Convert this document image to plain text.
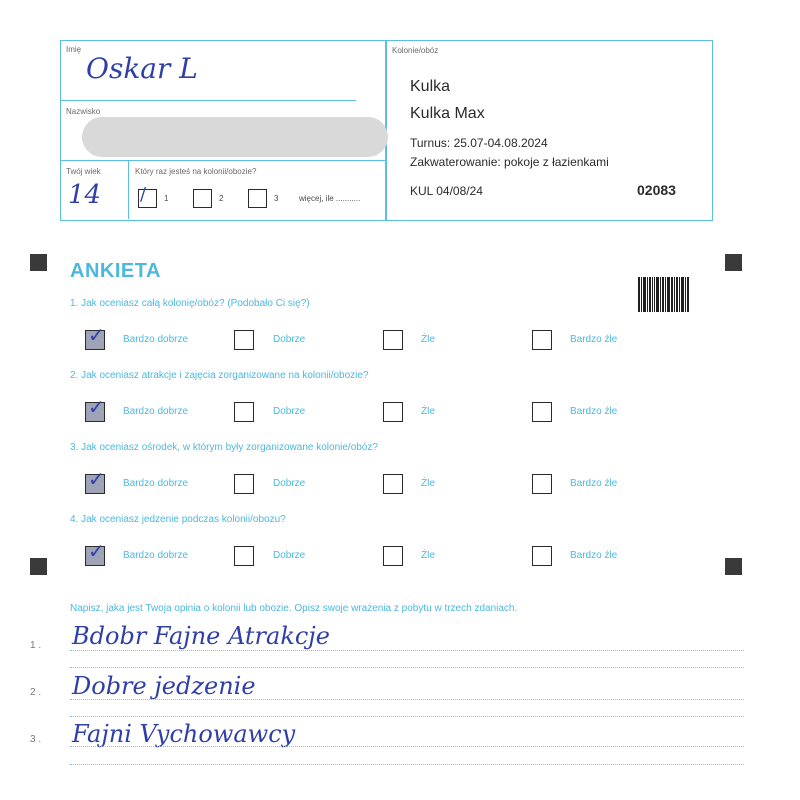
Imię
Oskar L
Nazwisko
Twój wiek
14
Który raz jesteś na kolonii/obozie?
/ 1	2	3	więcej, ile ...........
Kolonie/obóz
Kulka
Kulka Max
Turnus: 25.07-04.08.2024
Zakwaterowanie: pokoje z łazienkami
KUL 04/08/24	02083
ANKIETA
1. Jak oceniasz całą kolonię/obóz? (Podobało Ci się?)
✓
Bardzo dobrze	Dobrze	Źle	Bardzo źle
2. Jak oceniasz atrakcje i zajęcia zorganizowane na kolonii/obozie?
✓
Bardzo dobrze	Dobrze	Źle	Bardzo źle
3. Jak oceniasz ośrodek, w którym były zorganizowane kolonie/obóz?
✓
Bardzo dobrze	Dobrze	Źle	Bardzo źle
4. Jak oceniasz jedzenie podczas kolonii/obozu?
✓
Bardzo dobrze	Dobrze	Źle	Bardzo źle
Napisz, jaka jest Twoja opinia o kolonii lub obozie. Opisz swoje wrażenia z pobytu w trzech zdaniach.
1 . Bdobr Fajne Atrakcje
2 . Dobre jedzenie
3 . Fajni Vychowawcy
